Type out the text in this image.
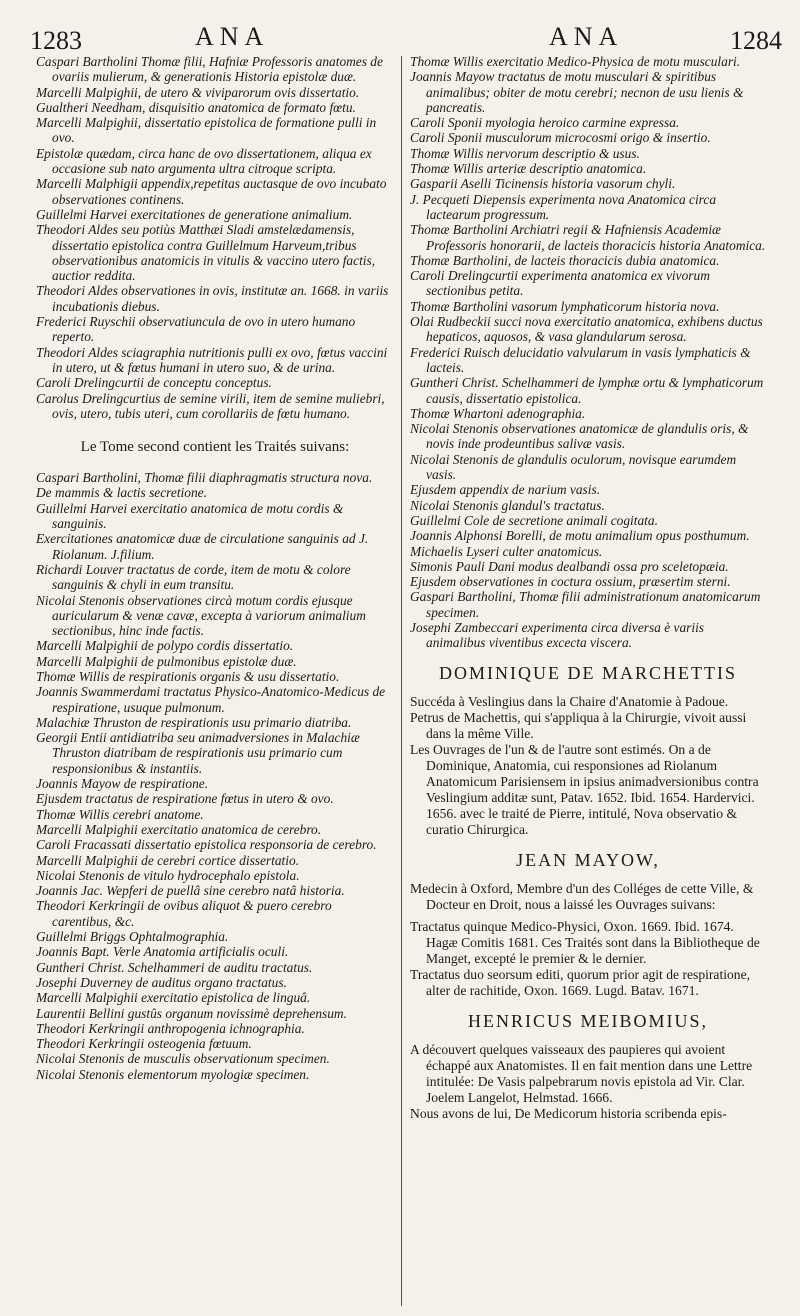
1283	ANA	ANA	1284

Caspari Bartholini Thomæ filii, Hafniæ Professoris anatomes de ovariis mulierum, & generationis Historia epistolæ duæ.

Marcelli Malpighii, de utero & viviparorum ovis dissertatio.

Gualtheri Needham, disquisitio anatomica de formato fœtu.

Marcelli Malpighii, dissertatio epistolica de formatione pulli in ovo.

Epistolæ quædam, circa hanc de ovo dissertationem, aliqua ex occasione sub nato argumenta ultra citroque scripta.

Marcelli Malphigii appendix,repetitas auctasque de ovo incubato observationes continens.

Guillelmi Harvei exercitationes de generatione animalium.

Theodori Aldes seu potiùs Matthæi Sladi amstelædamensis, dissertatio epistolica contra Guillelmum Harveum,tribus observationibus anatomicis in vitulis & vaccino utero factis, auctior reddita.

Theodori Aldes observationes in ovis, institutæ an. 1668. in variis incubationis diebus.

Frederici Ruyschii observatiuncula de ovo in utero humano reperto.

Theodori Aldes sciagraphia nutritionis pulli ex ovo, fœtus vaccini in utero, ut & fœtus humani in utero suo, & de urina.

Caroli Drelingcurtii de conceptu conceptus.

Carolus Drelingcurtius de semine virili, item de semine muliebri, ovis, utero, tubis uteri, cum corollariis de fœtu humano.

Le Tome second contient les Traités suivans:

Caspari Bartholini, Thomæ filii diaphragmatis structura nova.

De mammis & lactis secretione.

Guillelmi Harvei exercitatio anatomica de motu cordis & sanguinis.

Exercitationes anatomicæ duæ de circulatione sanguinis ad J. Riolanum. J.filium.

Richardi Louver tractatus de corde, item de motu & colore sanguinis & chyli in eum transitu.

Nicolai Stenonis observationes circà motum cordis ejusque auricularum & venæ cavæ, excepta à variorum animalium sectionibus, hinc inde factis.

Marcelli Malpighii de polypo cordis dissertatio.

Marcelli Malpighii de pulmonibus epistolæ duæ.

Thomæ Willis de respirationis organis & usu dissertatio.

Joannis Swammerdami tractatus Physico-Anatomico-Medicus de respiratione, usuque pulmonum.

Malachiæ Thruston de respirationis usu primario diatriba.

Georgii Entii antidiatriba seu animadversiones in Malachiæ Thruston diatribam de respirationis usu primario cum responsionibus & instantiis.

Joannis Mayow de respiratione.

Ejusdem tractatus de respiratione fœtus in utero & ovo.

Thomæ Willis cerebri anatome.

Marcelli Malpighii exercitatio anatomica de cerebro.

Caroli Fracassati dissertatio epistolica responsoria de cerebro.

Marcelli Malpighii de cerebri cortice dissertatio.

Nicolai Stenonis de vitulo hydrocephalo epistola.

Joannis Jac. Wepferi de puellâ sine cerebro natâ historia.

Theodori Kerkringii de ovibus aliquot & puero cerebro carentibus, &c.

Guillelmi Briggs Ophtalmographia.

Joannis Bapt. Verle Anatomia artificialis oculi.

Guntheri Christ. Schelhammeri de auditu tractatus.

Josephi Duverney de auditus organo tractatus.

Marcelli Malpighii exercitatio epistolica de linguâ.

Laurentii Bellini gustûs organum novissimè deprehensum.

Theodori Kerkringii anthropogenia ichnographia.

Theodori Kerkringii osteogenia fœtuum.

Nicolai Stenonis de musculis observationum specimen.

Nicolai Stenonis elementorum myologiæ specimen.

Thomæ Willis exercitatio Medico-Physica de motu musculari.

Joannis Mayow tractatus de motu musculari & spiritibus animalibus; obiter de motu cerebri; necnon de usu lienis & pancreatis.

Caroli Sponii myologia heroico carmine expressa.

Caroli Sponii musculorum microcosmi origo & insertio.

Thomæ Willis nervorum descriptio & usus.

Thomæ Willis arteriæ descriptio anatomica.

Gasparii Aselli Ticinensis historia vasorum chyli.

J. Pecqueti Diepensis experimenta nova Anatomica circa lactearum progressum.

Thomæ Bartholini Archiatri regii & Hafniensis Academiæ Professoris honorarii, de lacteis thoracicis historia Anatomica.

Thomæ Bartholini, de lacteis thoracicis dubia anatomica.

Caroli Drelingcurtii experimenta anatomica ex vivorum sectionibus petita.

Thomæ Bartholini vasorum lymphaticorum historia nova.

Olai Rudbeckii succi nova exercitatio anatomica, exhibens ductus hepaticos, aquosos, & vasa glandularum serosa.

Frederici Ruisch delucidatio valvularum in vasis lymphaticis & lacteis.

Guntheri Christ. Schelhammeri de lymphæ ortu & lymphaticorum causis, dissertatio epistolica.

Thomæ Whartoni adenographia.

Nicolai Stenonis observationes anatomicæ de glandulis oris, & novis inde prodeuntibus salivæ vasis.

Nicolai Stenonis de glandulis oculorum, novisque earumdem vasis.

Ejusdem appendix de narium vasis.

Nicolai Stenonis glandul's tractatus.

Guillelmi Cole de secretione animali cogitata.

Joannis Alphonsi Borelli, de motu animalium opus posthumum.

Michaelis Lyseri culter anatomicus.

Simonis Pauli Dani modus dealbandi ossa pro sceletopæia.

Ejusdem observationes in coctura ossium, præsertim sterni.

Gaspari Bartholini, Thomæ filii administrationum anatomicarum specimen.

Josephi Zambeccari experimenta circa diversa è variis animalibus viventibus excecta viscera.

DOMINIQUE DE MARCHETTIS

Succéda à Veslingius dans la Chaire d'Anatomie à Padoue.

Petrus de Machettis, qui s'appliqua à la Chirurgie, vivoit aussi dans la même Ville.

Les Ouvrages de l'un & de l'autre sont estimés. On a de Dominique, Anatomia, cui responsiones ad Riolanum Anatomicum Parisiensem in ipsius animadversionibus contra Veslingium additæ sunt, Patav. 1652. Ibid. 1654. Hardervici. 1656. avec le traité de Pierre, intitulé, Nova observatio & curatio Chirurgica.

JEAN MAYOW,

Medecin à Oxford, Membre d'un des Colléges de cette Ville, & Docteur en Droit, nous a laissé les Ouvrages suivans:

Tractatus quinque Medico-Physici, Oxon. 1669. Ibid. 1674. Hagæ Comitis 1681. Ces Traités sont dans la Bibliotheque de Manget, excepté le premier & le dernier.

Tractatus duo seorsum editi, quorum prior agit de respiratione, alter de rachitide, Oxon. 1669. Lugd. Batav. 1671.

HENRICUS MEIBOMIUS,

A découvert quelques vaisseaux des paupieres qui avoient échappé aux Anatomistes. Il en fait mention dans une Lettre intitulée: De Vasis palpebrarum novis epistola ad Vir. Clar. Joelem Langelot, Helmstad. 1666.

Nous avons de lui, De Medicorum historia scribenda epis-
